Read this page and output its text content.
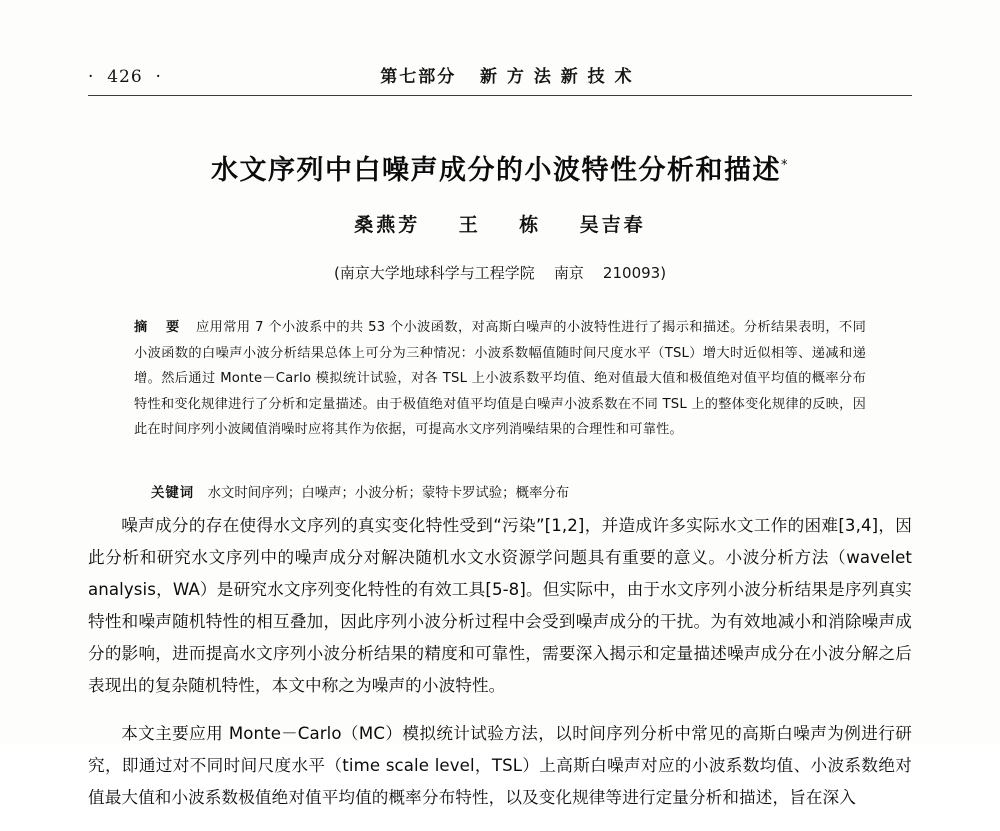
·  426  ·	第七部分   新 方 法 新 技 术
水文序列中白噪声成分的小波特性分析和描述*
桑燕芳    王    栋    吴吉春
(南京大学地球科学与工程学院    南京    210093)
摘  要　 应用常用 7 个小波系中的共 53 个小波函数，对高斯白噪声的小波特性进行了揭示和描述。分析结果表明，不同小波函数的白噪声小波分析结果总体上可分为三种情况：小波系数幅值随时间尺度水平（TSL）增大时近似相等、递减和递增。然后通过 Monte－Carlo 模拟统计试验，对各 TSL 上小波系数平均值、绝对值最大值和极值绝对值平均值的概率分布特性和变化规律进行了分析和定量描述。由于极值绝对值平均值是白噪声小波系数在不同 TSL 上的整体变化规律的反映，因此在时间序列小波阈值消噪时应将其作为依据，可提高水文序列消噪结果的合理性和可靠性。

关键词　 水文时间序列；白噪声；小波分析；蒙特卡罗试验；概率分布

噪声成分的存在使得水文序列的真实变化特性受到“污染”[1,2]，并造成许多实际水文工作的困难[3,4]，因此分析和研究水文序列中的噪声成分对解决随机水文水资源学问题具有重要的意义。小波分析方法（wavelet analysis，WA）是研究水文序列变化特性的有效工具[5-8]。但实际中，由于水文序列小波分析结果是序列真实特性和噪声随机特性的相互叠加，因此序列小波分析过程中会受到噪声成分的干扰。为有效地减小和消除噪声成分的影响，进而提高水文序列小波分析结果的精度和可靠性，需要深入揭示和定量描述噪声成分在小波分解之后表现出的复杂随机特性，本文中称之为噪声的小波特性。

本文主要应用 Monte－Carlo（MC）模拟统计试验方法，以时间序列分析中常见的高斯白噪声为例进行研究，即通过对不同时间尺度水平（time scale level，TSL）上高斯白噪声对应的小波系数均值、小波系数绝对值最大值和小波系数极值绝对值平均值的概率分布特性，以及变化规律等进行定量分析和描述，旨在深入
